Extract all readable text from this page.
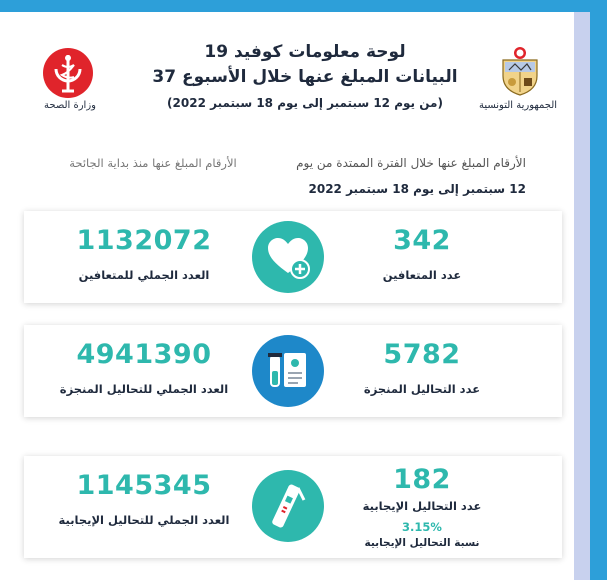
وزارة الصحة
لوحة معلومات كوفيد 19
البيانات المبلغ عنها خلال الأسبوع 37
(من يوم 12 سبتمبر إلى يوم 18 سبتمبر 2022)	الجمهورية التونسية
الأرقام المبلغ عنها خلال الفترة الممتدة من يوم
12 سبتمبر إلى يوم 18 سبتمبر 2022
الأرقام المبلغ عنها منذ بداية الجائحة
342
عدد المتعافين
1132072
العدد الجملي للمتعافين
5782
عدد التحاليل المنجزة
4941390
العدد الجملي للتحاليل المنجزة
182
عدد التحاليل الإيجابية
3.15%
نسبة التحاليل الإيجابية
1145345
العدد الجملي للتحاليل الإيجابية
